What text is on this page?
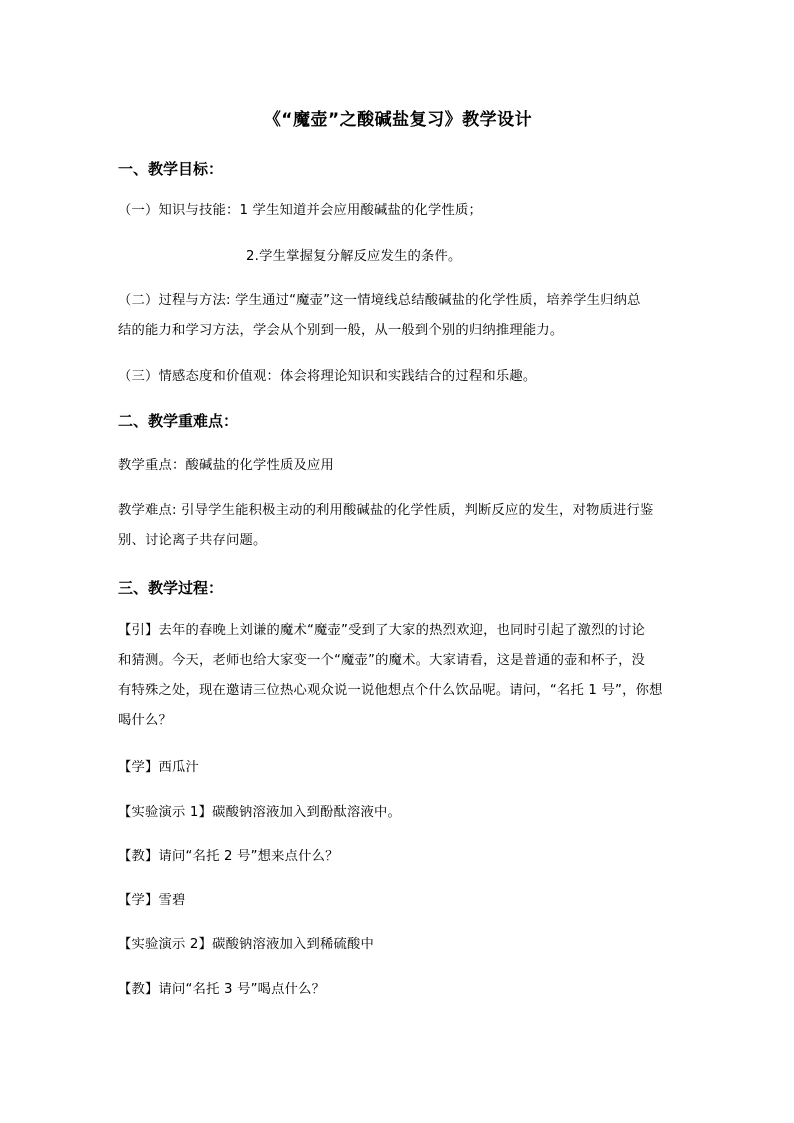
《“魔壶”之酸碱盐复习》教学设计
一、教学目标：
（一）知识与技能：1 学生知道并会应用酸碱盐的化学性质；
2.学生掌握复分解反应发生的条件。
（二）过程与方法: 学生通过“魔壶”这一情境线总结酸碱盐的化学性质，培养学生归纳总
结的能力和学习方法，学会从个别到一般，从一般到个别的归纳推理能力。
（三）情感态度和价值观：体会将理论知识和实践结合的过程和乐趣。
二、教学重难点：
教学重点：酸碱盐的化学性质及应用
教学难点: 引导学生能积极主动的利用酸碱盐的化学性质，判断反应的发生，对物质进行鉴
别、讨论离子共存问题。
三、教学过程：
【引】去年的春晚上刘谦的魔术“魔壶”受到了大家的热烈欢迎，也同时引起了激烈的讨论
和猜测。今天，老师也给大家变一个“魔壶”的魔术。大家请看，这是普通的壶和杯子，没
有特殊之处，现在邀请三位热心观众说一说他想点个什么饮品呢。请问，“名托 1 号”，你想
喝什么？
【学】西瓜汁
【实验演示 1】碳酸钠溶液加入到酚酞溶液中。
【教】请问“名托 2 号”想来点什么？
【学】雪碧
【实验演示 2】碳酸钠溶液加入到稀硫酸中
【教】请问“名托 3 号”喝点什么？
